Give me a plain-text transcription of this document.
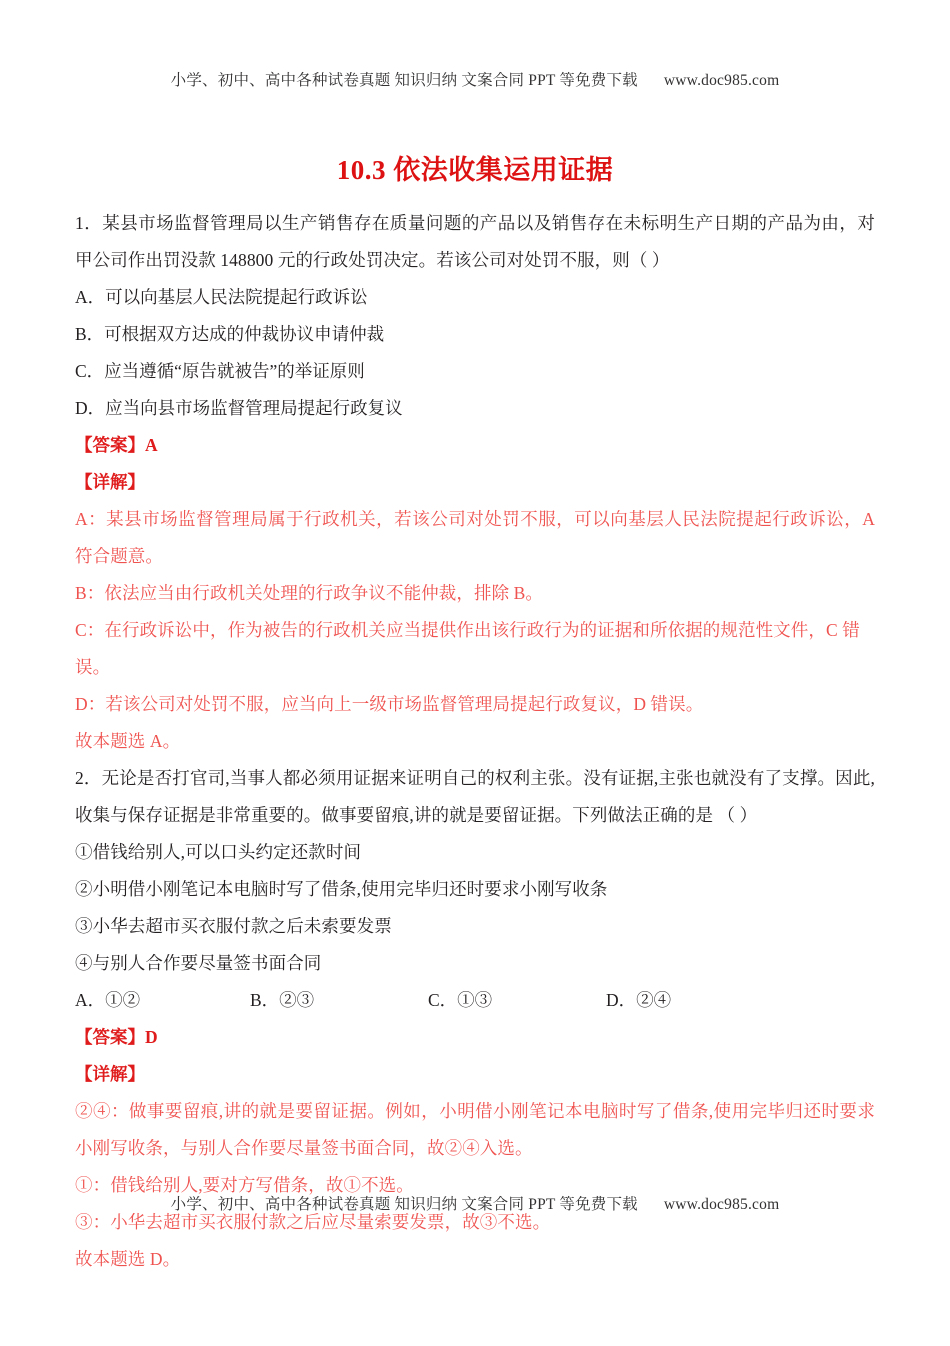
小学、初中、高中各种试卷真题 知识归纳 文案合同 PPT 等免费下载 www.doc985.com
10.3 依法收集运用证据
1．某县市场监督管理局以生产销售存在质量问题的产品以及销售存在未标明生产日期的产品为由，对甲公司作出罚没款 148800 元的行政处罚决定。若该公司对处罚不服，则（ ）
A．可以向基层人民法院提起行政诉讼
B．可根据双方达成的仲裁协议申请仲裁
C．应当遵循“原告就被告”的举证原则
D．应当向县市场监督管理局提起行政复议
【答案】A
【详解】
A：某县市场监督管理局属于行政机关，若该公司对处罚不服，可以向基层人民法院提起行政诉讼，A 符合题意。
B：依法应当由行政机关处理的行政争议不能仲裁，排除 B。
C：在行政诉讼中，作为被告的行政机关应当提供作出该行政行为的证据和所依据的规范性文件，C 错误。
D：若该公司对处罚不服，应当向上一级市场监督管理局提起行政复议，D 错误。
故本题选 A。
2．无论是否打官司,当事人都必须用证据来证明自己的权利主张。没有证据,主张也就没有了支撑。因此,收集与保存证据是非常重要的。做事要留痕,讲的就是要留证据。下列做法正确的是 （ ）
①借钱给别人,可以口头约定还款时间
②小明借小刚笔记本电脑时写了借条,使用完毕归还时要求小刚写收条
③小华去超市买衣服付款之后未索要发票
④与别人合作要尽量签书面合同
A．①②	B．②③	C．①③	D．②④
【答案】D
【详解】
②④：做事要留痕,讲的就是要留证据。例如，小明借小刚笔记本电脑时写了借条,使用完毕归还时要求小刚写收条，与别人合作要尽量签书面合同，故②④入选。
①：借钱给别人,要对方写借条，故①不选。
③：小华去超市买衣服付款之后应尽量索要发票，故③不选。
故本题选 D。
小学、初中、高中各种试卷真题 知识归纳 文案合同 PPT 等免费下载 www.doc985.com
